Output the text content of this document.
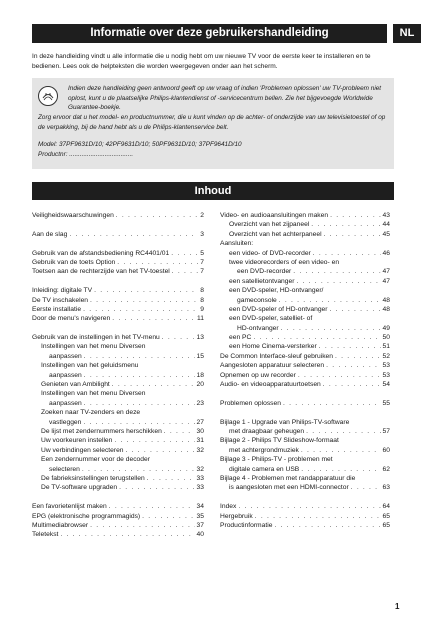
Informatie over deze gebruikershandleiding	NL
In deze handleiding vindt u alle informatie die u nodig hebt om uw nieuwe TV voor de eerste keer te installeren en te bedienen. Lees ook de helpteksten die worden weergegeven onder aan het scherm.
Indien deze handleiding geen antwoord geeft op uw vraag of indien 'Problemen oplossen' uw TV-probleem niet oplost, kunt u de plaatselijke Philips-klantendienst of -servicecentrum bellen. Zie het bijgevoegde Worldwide Guarantee-boekje.
Zorg ervoor dat u het model- en productnummer, die u kunt vinden op de achter- of onderzijde van uw televisietoestel of op de verpakking, bij de hand hebt als u de Philips-klantenservice belt.
Model: 37PF9631D/10; 42PF9631D/10; 50PF9631D/10; 37PF9641D/10
Productnr: ....................................
Inhoud
Veiligheidswaarschuwingen . . .	2
Aan de slag . . .	3
Gebruik van de afstandsbediening RC4401/01 . . .	5
Gebruik van de toets Option . . .	7
Toetsen aan de rechterzijde van het TV-toestel . . .	7
Inleiding: digitale TV . . .	8
De TV inschakelen . . .	8
Eerste installatie . . .	9
Door de menu's navigeren . . .	11
Gebruik van de instellingen in het TV-menu . . .	13
Instellingen van het menu Diversen
aanpassen . . .	15
Instellingen van het geluidsmenu
aanpassen . . .	18
Genieten van Ambilight . . .	20
Instellingen van het menu Diversen
aanpassen . . .	23
Zoeken naar TV-zenders en deze
vastleggen . . .	27
De lijst met zendernummers herschikken . . .	30
Uw voorkeuren instellen . . .	31
Uw verbindingen selecteren . . .	32
Een zendernummer voor de decoder
selecteren . . .	32
De fabrieksinstellingen terugstellen . . .	33
De TV-software upgraden . . .	33
Een favorietenlijst maken . . .	34
EPG (elektronische programmagids) . . .	35
Multimediabrowser . . .	37
Teletekst . . .	40
Video- en audioaansluitingen maken . . .	43
Overzicht van het zijpaneel . . .	44
Overzicht van het achterpaneel . . .	45
Aansluiten:
een video- of DVD-recorder . . .	46
twee videorecorders of een video- en
een DVD-recorder . . .	47
een satellietontvanger . . .	47
een DVD-speler, HD-ontvanger/
gameconsole . . .	48
een DVD-speler of HD-ontvanger . . .	48
een DVD-speler, satelliet- of
HD-ontvanger . . .	49
een PC . . .	50
een Home Cinema-versterker . . .	51
De Common Interface-sleuf gebruiken . . .	52
Aangesloten apparatuur selecteren . . .	53
Opnemen op uw recorder . . .	53
Audio- en videoapparatuurtoetsen . . .	54
Problemen oplossen . . .	55
Bijlage 1 - Upgrade van Philips-TV-software
met draagbaar geheugen . . .	57
Bijlage 2 - Philips TV Slideshow-formaat
met achtergrondmuziek . . .	60
Bijlage 3 - Philips-TV - problemen met
digitale camera en USB . . .	62
Bijlage 4 - Problemen met randapparatuur die
is aangesloten met een HDMI-connector . . .	63
Index . . .	64
Hergebruik . . .	65
Productinformatie . . .	65
1
